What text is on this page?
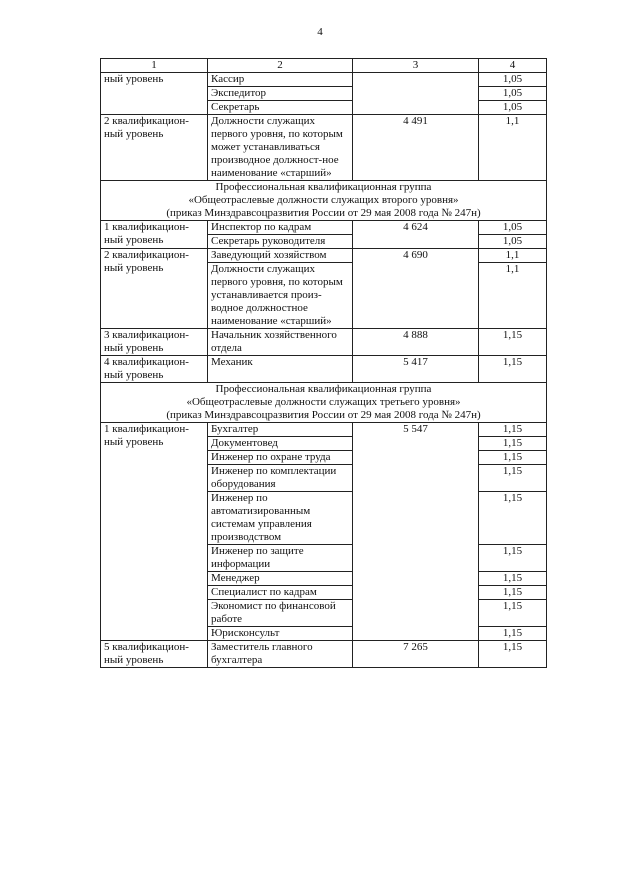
4
1	2	3	4
ный уровень	Кассир		1,05
	Экспедитор		1,05
	Секретарь		1,05
2 квалификацион-ный уровень	Должности служащих первого уровня, по которым может устанавливаться производное должност-ное наименование «старший»	4 491	1,1

Профессиональная квалификационная группа
«Общеотраслевые должности служащих второго уровня»
(приказ Минздравсоцразвития России от 29 мая 2008 года № 247н)			

1 квалификацион-ный уровень	Инспектор по кадрам	4 624	1,05
	Секретарь руководителя		1,05
2 квалификацион-ный уровень	Заведующий хозяйством	4 690	1,1
	Должности служащих первого уровня, по которым устанавливается произ-водное должностное наименование «старший»		1,1
3 квалификацион-ный уровень	Начальник хозяйственного отдела	4 888	1,15
4 квалификацион-ный уровень	Механик	5 417	1,15

Профессиональная квалификационная группа
«Общеотраслевые должности служащих третьего уровня»
(приказ Минздравсоцразвития России от 29 мая 2008 года № 247н)			

1 квалификацион-ный уровень	Бухгалтер	5 547	1,15
	Документовед		1,15
	Инженер по охране труда		1,15
	Инженер по комплектации оборудования		1,15
	Инженер по автоматизированным системам управления производством		1,15
	Инженер по защите информации		1,15
	Менеджер		1,15
	Специалист по кадрам		1,15
	Экономист по финансовой работе		1,15
	Юрисконсульт		1,15
5 квалификацион-ный уровень	Заместитель главного бухгалтера	7 265	1,15
